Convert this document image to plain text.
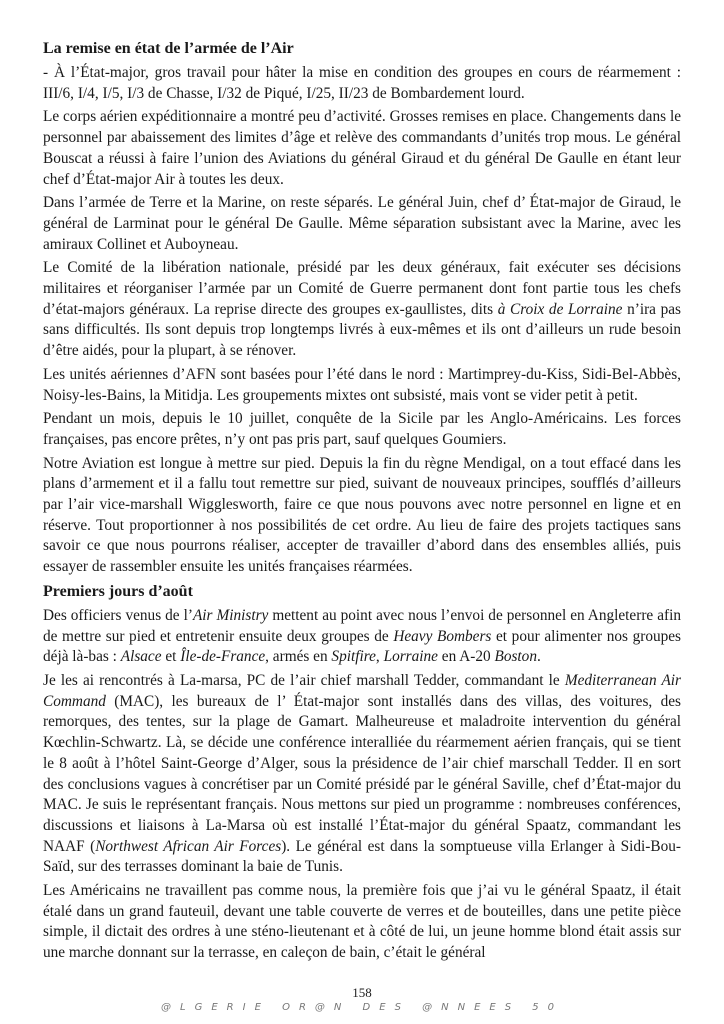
La remise en état de l’armée de l’Air

- À l’État-major, gros travail pour hâter la mise en condition des groupes en cours de réarmement : III/6, I/4, I/5, I/3 de Chasse, I/32 de Piqué, I/25, II/23 de Bombardement lourd.

Le corps aérien expéditionnaire a montré peu d’activité. Grosses remises en place. Changements dans le personnel par abaissement des limites d’âge et relève des commandants d’unités trop mous. Le général Bouscat a réussi à faire l’union des Aviations du général Giraud et du général De Gaulle en étant leur chef d’État-major Air à toutes les deux.

Dans l’armée de Terre et la Marine, on reste séparés. Le général Juin, chef d’ État-major de Giraud, le général de Larminat pour le général De Gaulle. Même séparation subsistant avec la Marine, avec les amiraux Collinet et Auboyneau.

Le Comité de la libération nationale, présidé par les deux généraux, fait exécuter ses décisions militaires et réorganiser l’armée par un Comité de Guerre permanent dont font partie tous les chefs d’état-majors généraux. La reprise directe des groupes ex-gaullistes, dits à Croix de Lorraine n’ira pas sans difficultés. Ils sont depuis trop longtemps livrés à eux-mêmes et ils ont d’ailleurs un rude besoin d’être aidés, pour la plupart, à se rénover.

Les unités aériennes d’AFN sont basées pour l’été dans le nord : Martimprey-du-Kiss, Sidi-Bel-Abbès, Noisy-les-Bains, la Mitidja. Les groupements mixtes ont subsisté, mais vont se vider petit à petit.

Pendant un mois, depuis le 10 juillet, conquête de la Sicile par les Anglo-Américains. Les forces françaises, pas encore prêtes, n’y ont pas pris part, sauf quelques Goumiers.

Notre Aviation est longue à mettre sur pied. Depuis la fin du règne Mendigal, on a tout effacé dans les plans d’armement et il a fallu tout remettre sur pied, suivant de nouveaux principes, soufflés d’ailleurs par l’air vice-marshall Wigglesworth, faire ce que nous pouvons avec notre personnel en ligne et en réserve. Tout proportionner à nos possibilités de cet ordre. Au lieu de faire des projets tactiques sans savoir ce que nous pourrons réaliser, accepter de travailler d’abord dans des ensembles alliés, puis essayer de rassembler ensuite les unités françaises réarmées.

Premiers jours d’août

Des officiers venus de l’Air Ministry mettent au point avec nous l’envoi de personnel en Angleterre afin de mettre sur pied et entretenir ensuite deux groupes de Heavy Bombers et pour alimenter nos groupes déjà là-bas : Alsace et Île-de-France, armés en Spitfire, Lorraine en A-20 Boston.

Je les ai rencontrés à La-marsa, PC de l’air chief marshall Tedder, commandant le Mediterranean Air Command (MAC), les bureaux de l’ État-major sont installés dans des villas, des voitures, des remorques, des tentes, sur la plage de Gamart. Malheureuse et maladroite intervention du général Kœchlin-Schwartz. Là, se décide une conférence interalliée du réarmement aérien français, qui se tient le 8 août à l’hôtel Saint-George d’Alger, sous la présidence de l’air chief marschall Tedder. Il en sort des conclusions vagues à concrétiser par un Comité présidé par le général Saville, chef d’État-major du MAC. Je suis le représentant français. Nous mettons sur pied un programme : nombreuses conférences, discussions et liaisons à La-Marsa où est installé l’État-major du général Spaatz, commandant les NAAF (Northwest African Air Forces). Le général est dans la somptueuse villa Erlanger à Sidi-Bou-Saïd, sur des terrasses dominant la baie de Tunis.

Les Américains ne travaillent pas comme nous, la première fois que j’ai vu le général Spaatz, il était étalé dans un grand fauteuil, devant une table couverte de verres et de bouteilles, dans une petite pièce simple, il dictait des ordres à une sténo-lieutenant et à côté de lui, un jeune homme blond était assis sur une marche donnant sur la terrasse, en caleçon de bain, c’était le général

158
@LGERIE OR@N DES @NNEES 50
